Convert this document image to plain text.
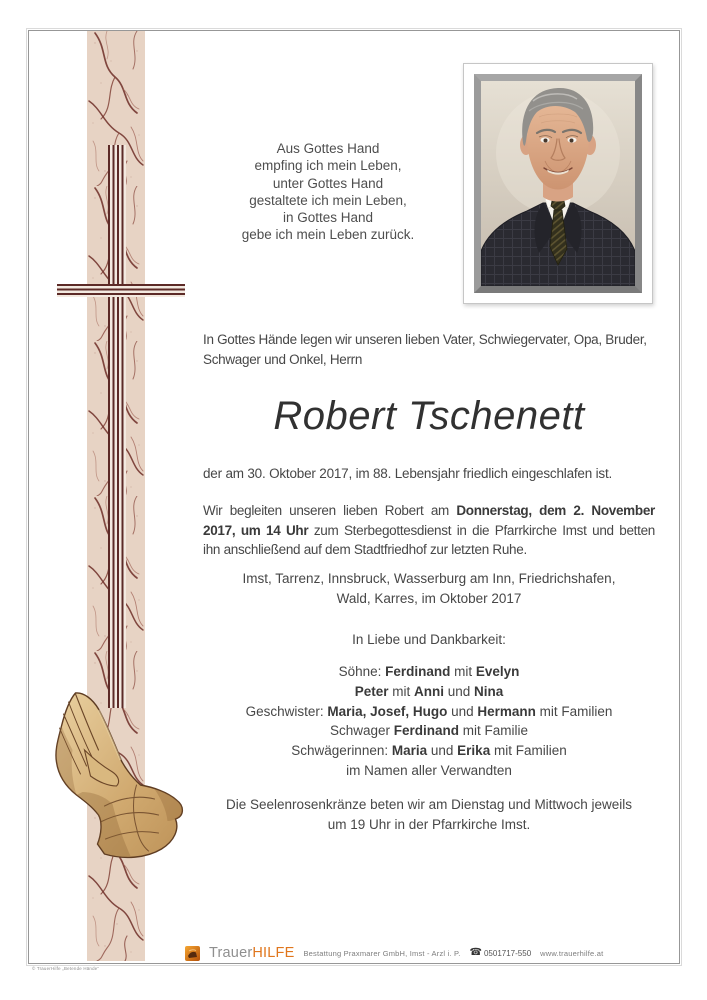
Aus Gottes Hand
empfing ich mein Leben,
unter Gottes Hand
gestaltete ich mein Leben,
in Gottes Hand
gebe ich mein Leben zurück.
In Gottes Hände legen wir unseren lieben Vater, Schwiegervater, Opa, Bruder,
Schwager und Onkel, Herrn
Robert Tschenett
der am 30. Oktober 2017, im 88. Lebensjahr friedlich eingeschlafen ist.
Wir begleiten unseren lieben Robert am Donnerstag, dem 2. November
2017, um 14 Uhr zum Sterbegottesdienst in die Pfarrkirche Imst und betten
ihn anschließend auf dem Stadtfriedhof zur letzten Ruhe.
Imst, Tarrenz, Innsbruck, Wasserburg am Inn, Friedrichshafen,
Wald, Karres, im Oktober 2017
In Liebe und Dankbarkeit:
Söhne: Ferdinand mit Evelyn
Peter mit Anni und Nina
Geschwister: Maria, Josef, Hugo und Hermann mit Familien
Schwager Ferdinand mit Familie
Schwägerinnen: Maria und Erika mit Familien
im Namen aller Verwandten
Die Seelenrosenkränze beten wir am Dienstag und Mittwoch jeweils
um 19 Uhr in der Pfarrkirche Imst.
TrauerHILFE Bestattung Praxmarer GmbH, Imst - Arzl i. P. ☎ 0501717-550 www.trauerhilfe.at
© TrauerHilfe „Betende Hände“
